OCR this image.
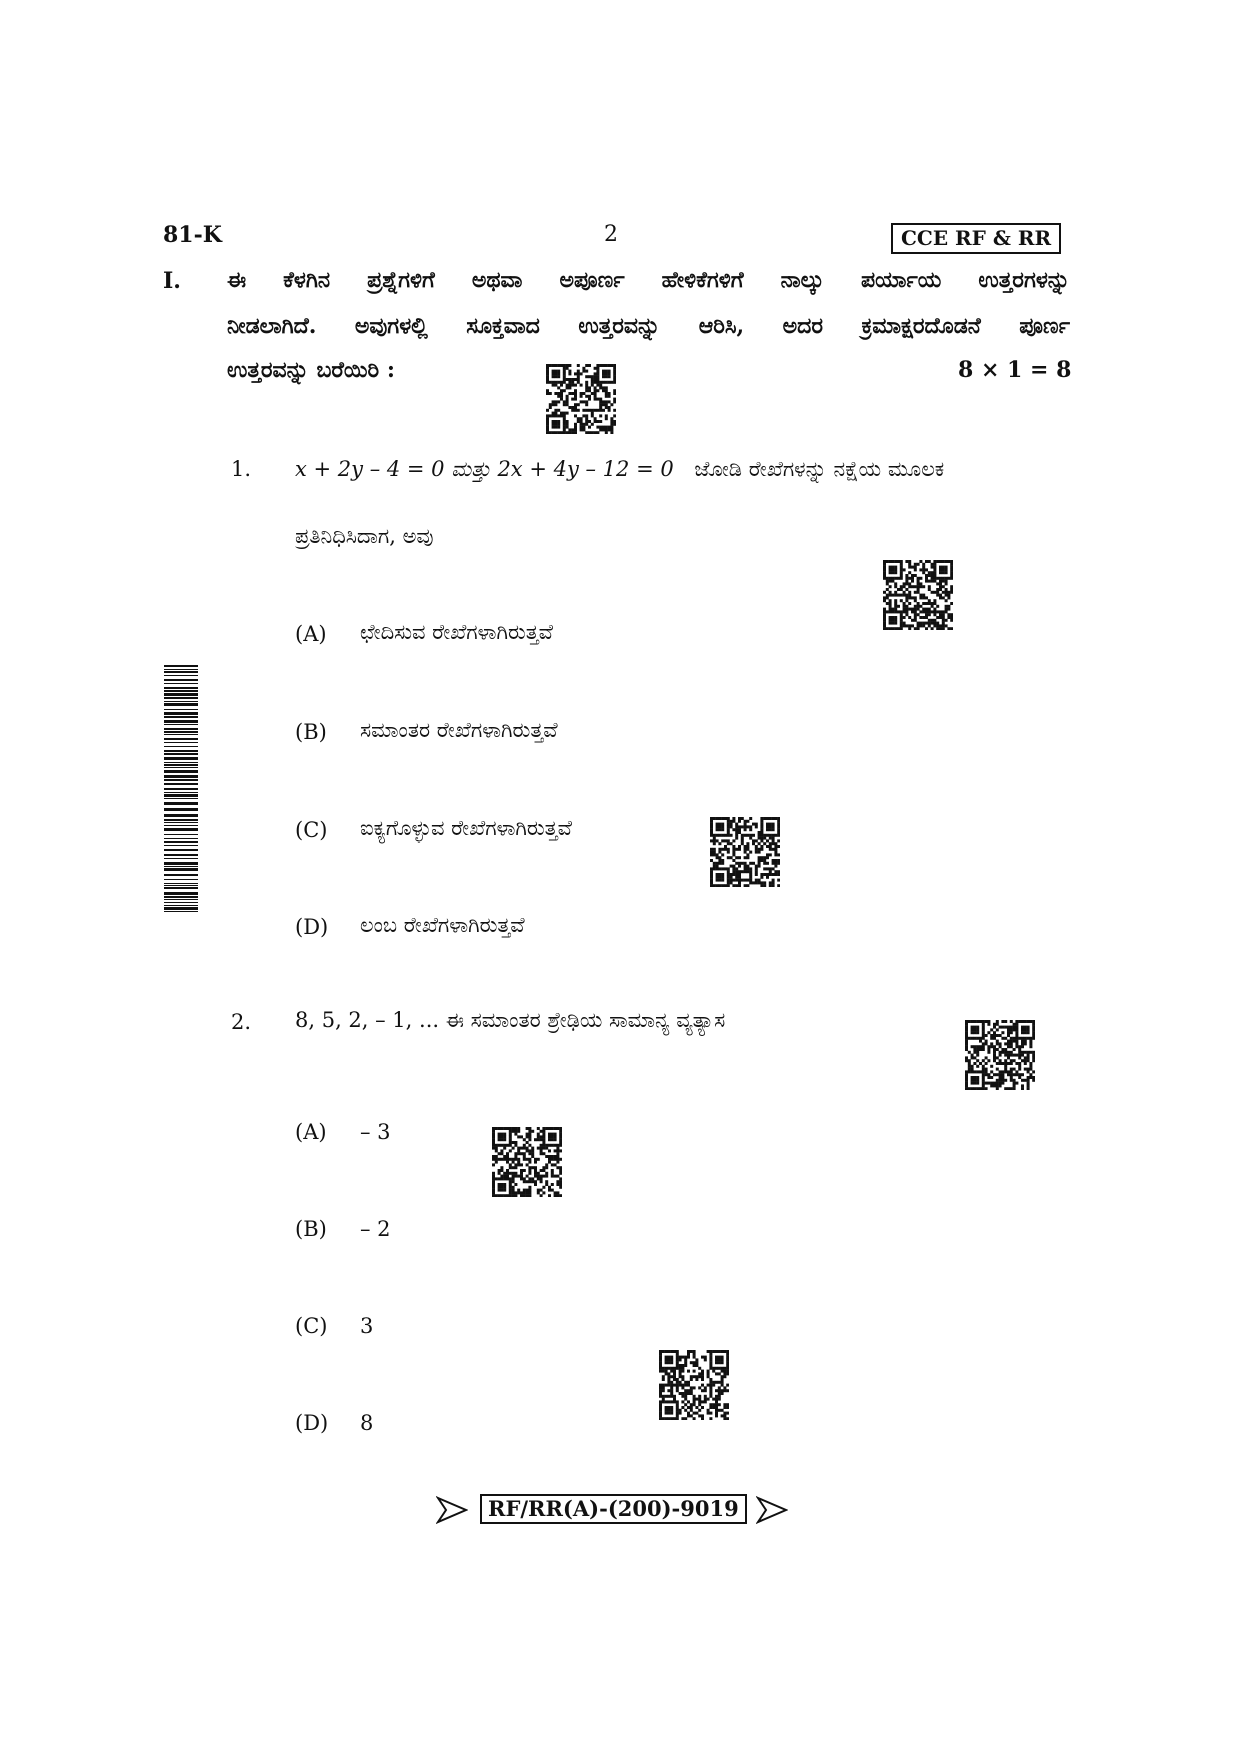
81-K	2	CCE RF & RR
I. ಈ ಕೆಳಗಿನ ಪ್ರಶ್ನೆಗಳಿಗೆ ಅಥವಾ ಅಪೂರ್ಣ ಹೇಳಿಕೆಗಳಿಗೆ ನಾಲ್ಕು ಪರ್ಯಾಯ ಉತ್ತರಗಳನ್ನು
ನೀಡಲಾಗಿದೆ. ಅವುಗಳಲ್ಲಿ ಸೂಕ್ತವಾದ ಉತ್ತರವನ್ನು ಆರಿಸಿ, ಅದರ ಕ್ರಮಾಕ್ಷರದೊಡನೆ ಪೂರ್ಣ
ಉತ್ತರವನ್ನು ಬರೆಯಿರಿ :	8 × 1 = 8
1. x + 2y – 4 = 0 ಮತ್ತು 2x + 4y – 12 = 0 ಜೋಡಿ ರೇಖೆಗಳನ್ನು ನಕ್ಷೆಯ ಮೂಲಕ
ಪ್ರತಿನಿಧಿಸಿದಾಗ, ಅವು
(A) ಛೇದಿಸುವ ರೇಖೆಗಳಾಗಿರುತ್ತವೆ
(B) ಸಮಾಂತರ ರೇಖೆಗಳಾಗಿರುತ್ತವೆ
(C) ಐಕ್ಯಗೊಳ್ಳುವ ರೇಖೆಗಳಾಗಿರುತ್ತವೆ
(D) ಲಂಬ ರೇಖೆಗಳಾಗಿರುತ್ತವೆ
2. 8, 5, 2, – 1, ... ಈ ಸಮಾಂತರ ಶ್ರೇಢಿಯ ಸಾಮಾನ್ಯ ವ್ಯತ್ಯಾಸ
(A) – 3
(B) – 2
(C) 3
(D) 8
RF/RR(A)-(200)-9019
